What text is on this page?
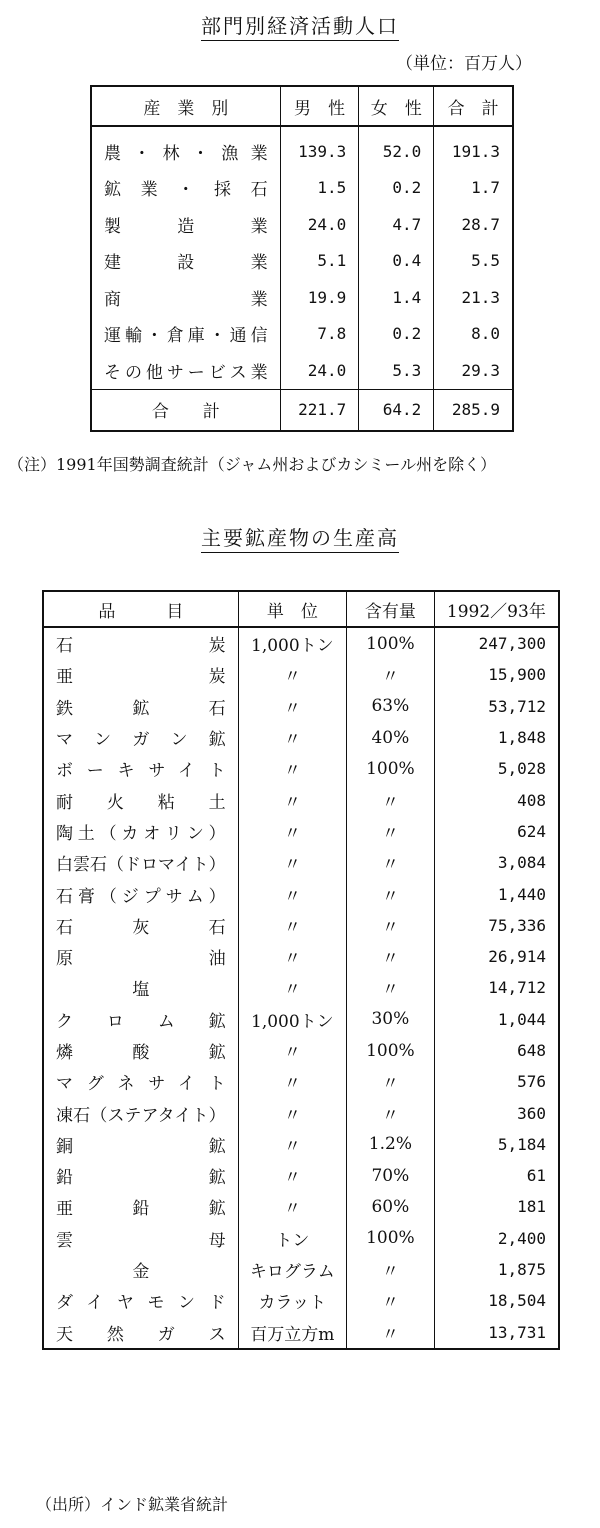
部門別経済活動人口
（単位：百万人）
産　業　別	男　性	女　性	合　計
農・林・漁業	139.3	52.0	191.3
鉱業・採石	1.5	0.2	1.7
製造業	24.0	4.7	28.7
建設業	5.1	0.4	5.5
商業	19.9	1.4	21.3
運輸・倉庫・通信	7.8	0.2	8.0
その他サービス業	24.0	5.3	29.3
合　　計	221.7	64.2	285.9
（注）1991年国勢調査統計（ジャム州およびカシミール州を除く）
主要鉱産物の生産高
品　　　目	単　位	含有量	1992／93年
石炭	1,000トン	100%	247,300
亜炭	〃	〃	15,900
鉄鉱石	〃	63%	53,712
マンガン鉱	〃	40%	1,848
ボーキサイト	〃	100%	5,028
耐火粘土	〃	〃	408
陶土（カオリン）	〃	〃	624
白雲石（ドロマイト）	〃	〃	3,084
石膏（ジプサム）	〃	〃	1,440
石灰石	〃	〃	75,336
原油	〃	〃	26,914
塩	〃	〃	14,712
クロム鉱	1,000トン	30%	1,044
燐酸鉱	〃	100%	648
マグネサイト	〃	〃	576
凍石（ステアタイト）	〃	〃	360
銅鉱	〃	1.2%	5,184
鉛鉱	〃	70%	61
亜鉛鉱	〃	60%	181
雲母	トン	100%	2,400
金	キログラム	〃	1,875
ダイヤモンド	カラット	〃	18,504
天然ガス	百万立方m	〃	13,731
（出所）インド鉱業省統計
